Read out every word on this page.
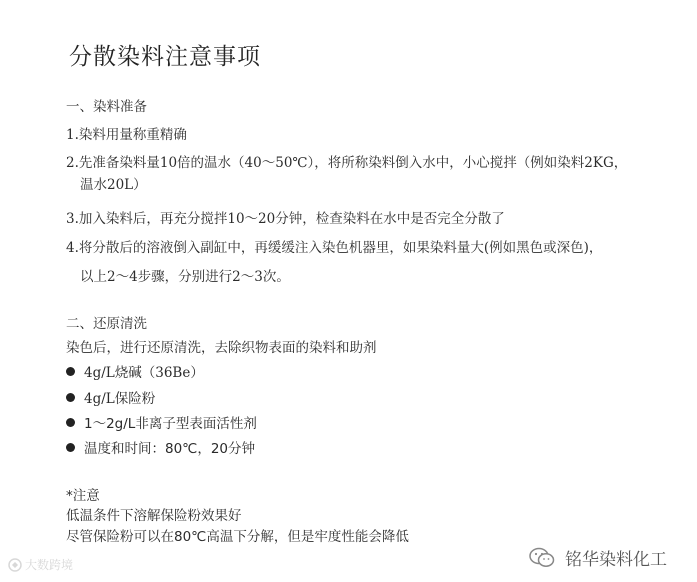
分散染料注意事项
一、染料准备
1.染料用量称重精确
2.先准备染料量10倍的温水（40～50℃），将所称染料倒入水中，小心搅拌（例如染料2KG，
温水20L）
3.加入染料后，再充分搅拌10～20分钟，检查染料在水中是否完全分散了
4.将分散后的溶液倒入副缸中，再缓缓注入染色机器里，如果染料量大(例如黑色或深色)，
以上2～4步骤，分别进行2～3次。
二、还原清洗
染色后，进行还原清洗，去除织物表面的染料和助剂
4g/L烧碱（36Be）
4g/L保险粉
1～2g/L非离子型表面活性剂
温度和时间：80℃，20分钟
*注意
低温条件下溶解保险粉效果好
尽管保险粉可以在80℃高温下分解，但是牢度性能会降低
大数跨境	铭华染料化工
